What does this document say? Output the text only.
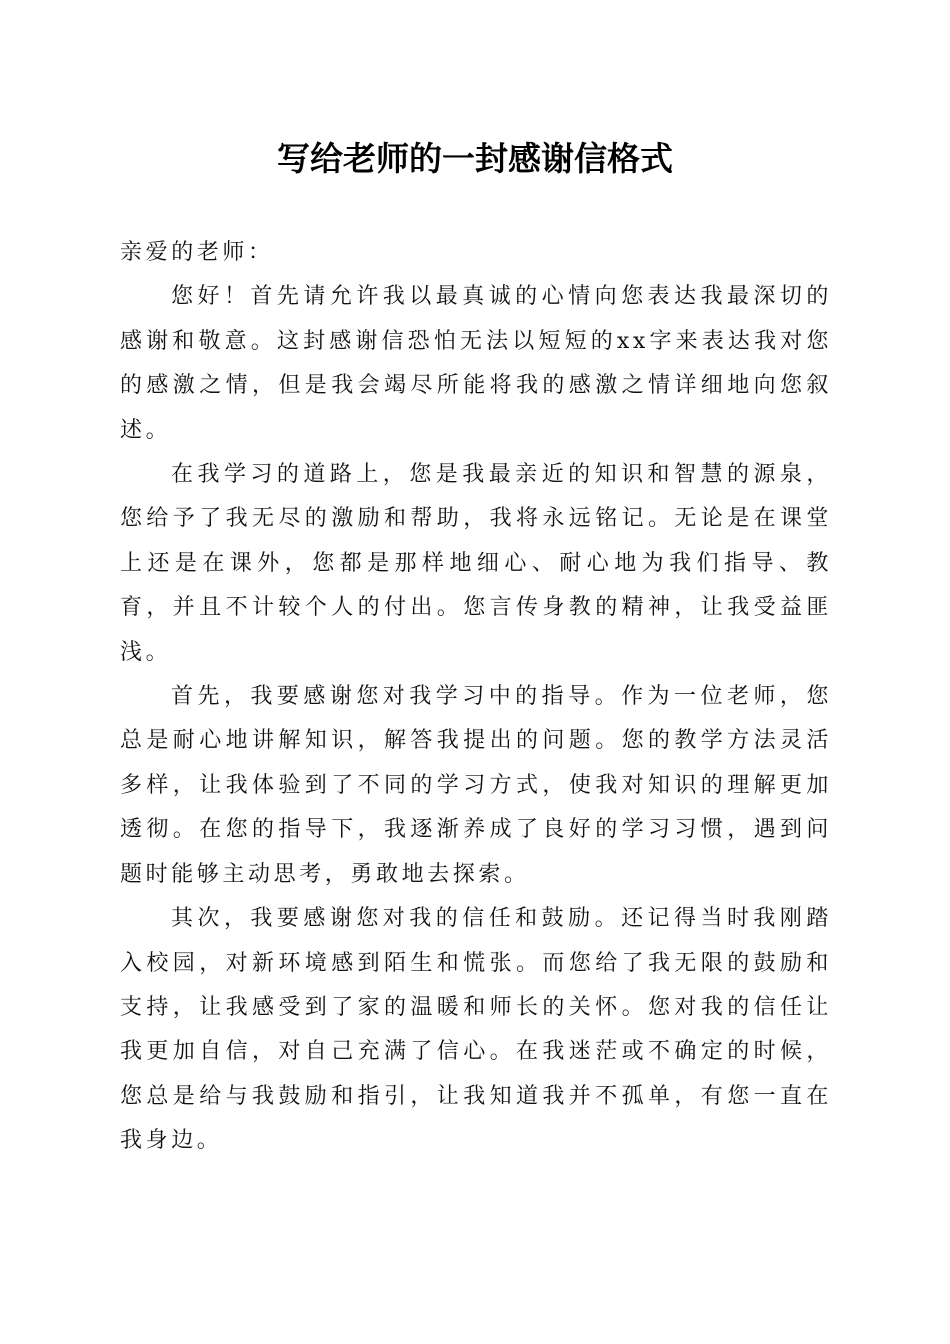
写给老师的一封感谢信格式

亲爱的老师：

您好！首先请允许我以最真诚的心情向您表达我最深切的感谢和敬意。这封感谢信恐怕无法以短短的xx字来表达我对您的感激之情，但是我会竭尽所能将我的感激之情详细地向您叙述。

在我学习的道路上，您是我最亲近的知识和智慧的源泉，您给予了我无尽的激励和帮助，我将永远铭记。无论是在课堂上还是在课外，您都是那样地细心、耐心地为我们指导、教育，并且不计较个人的付出。您言传身教的精神，让我受益匪浅。

首先，我要感谢您对我学习中的指导。作为一位老师，您总是耐心地讲解知识，解答我提出的问题。您的教学方法灵活多样，让我体验到了不同的学习方式，使我对知识的理解更加透彻。在您的指导下，我逐渐养成了良好的学习习惯，遇到问题时能够主动思考，勇敢地去探索。

其次，我要感谢您对我的信任和鼓励。还记得当时我刚踏入校园，对新环境感到陌生和慌张。而您给了我无限的鼓励和支持，让我感受到了家的温暖和师长的关怀。您对我的信任让我更加自信，对自己充满了信心。在我迷茫或不确定的时候，您总是给与我鼓励和指引，让我知道我并不孤单，有您一直在我身边。
